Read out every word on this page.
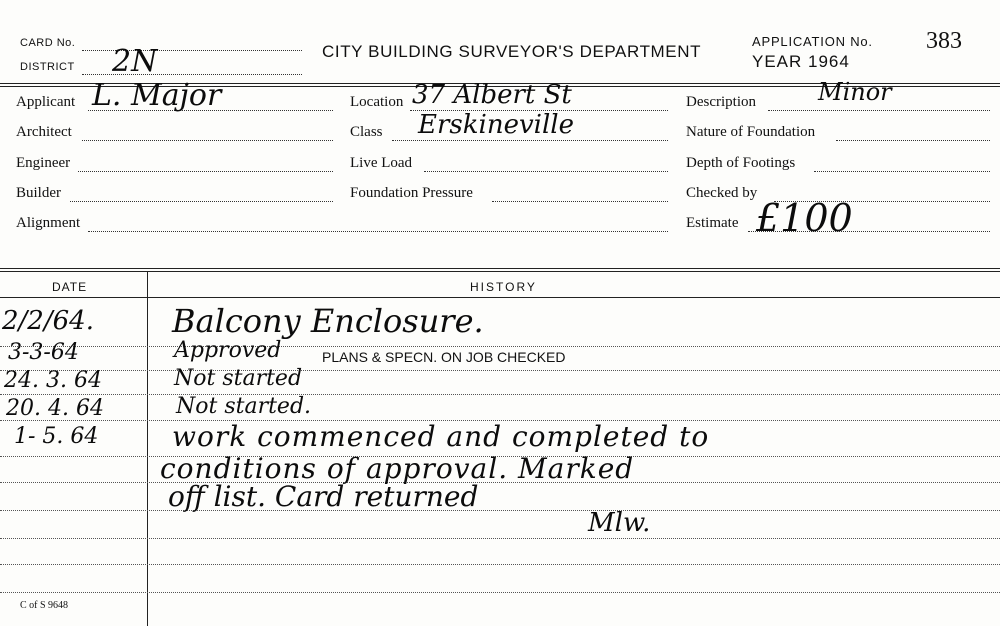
CARD No.
DISTRICT 2N	CITY BUILDING SURVEYOR'S DEPARTMENT
APPLICATION No. 383
YEAR 1964
Applicant L. Major
Architect
Engineer
Builder
Alignment
Location 37 Albert St
Class Erskineville
Live Load
Foundation Pressure
Description	Minor
Nature of Foundation
Depth of Footings
Checked by
Estimate £100
DATE	HISTORY
2/2/64. Balcony Enclosure.
3-3-64	Approved	PLANS & SPECN. ON JOB CHECKED
24. 3. 64	Not started
20. 4. 64	Not started.
1- 5. 64	work commenced and completed to
conditions of approval. Marked
off list. Card returned
Mlw.
C of S 9648
